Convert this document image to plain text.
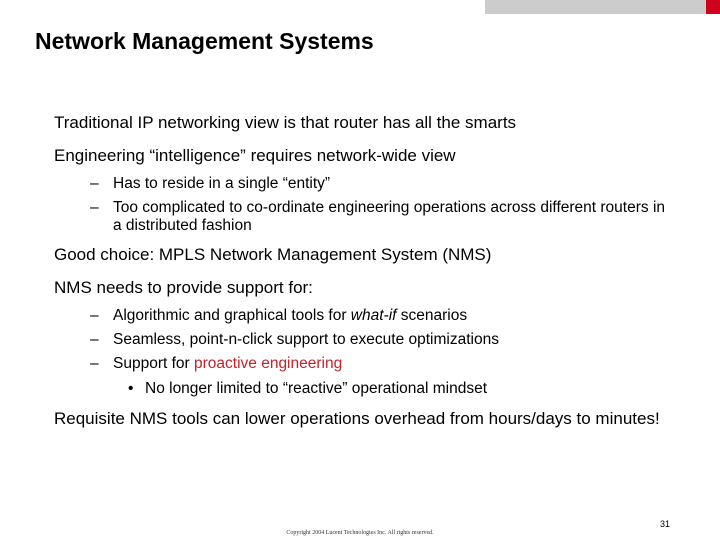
Network Management Systems

Traditional IP networking view is that router has all the smarts

Engineering “intelligence” requires network-wide view

– Has to reside in a single “entity”
– Too complicated to co-ordinate engineering operations across different routers in a distributed fashion

Good choice: MPLS Network Management System (NMS)

NMS needs to provide support for:

– Algorithmic and graphical tools for what-if scenarios
– Seamless, point-n-click support to execute optimizations
– Support for proactive engineering
• No longer limited to “reactive” operational mindset

Requisite NMS tools can lower operations overhead from hours/days to minutes!

31
Copyright 2004 Lucent Technologies Inc. All rights reserved.
